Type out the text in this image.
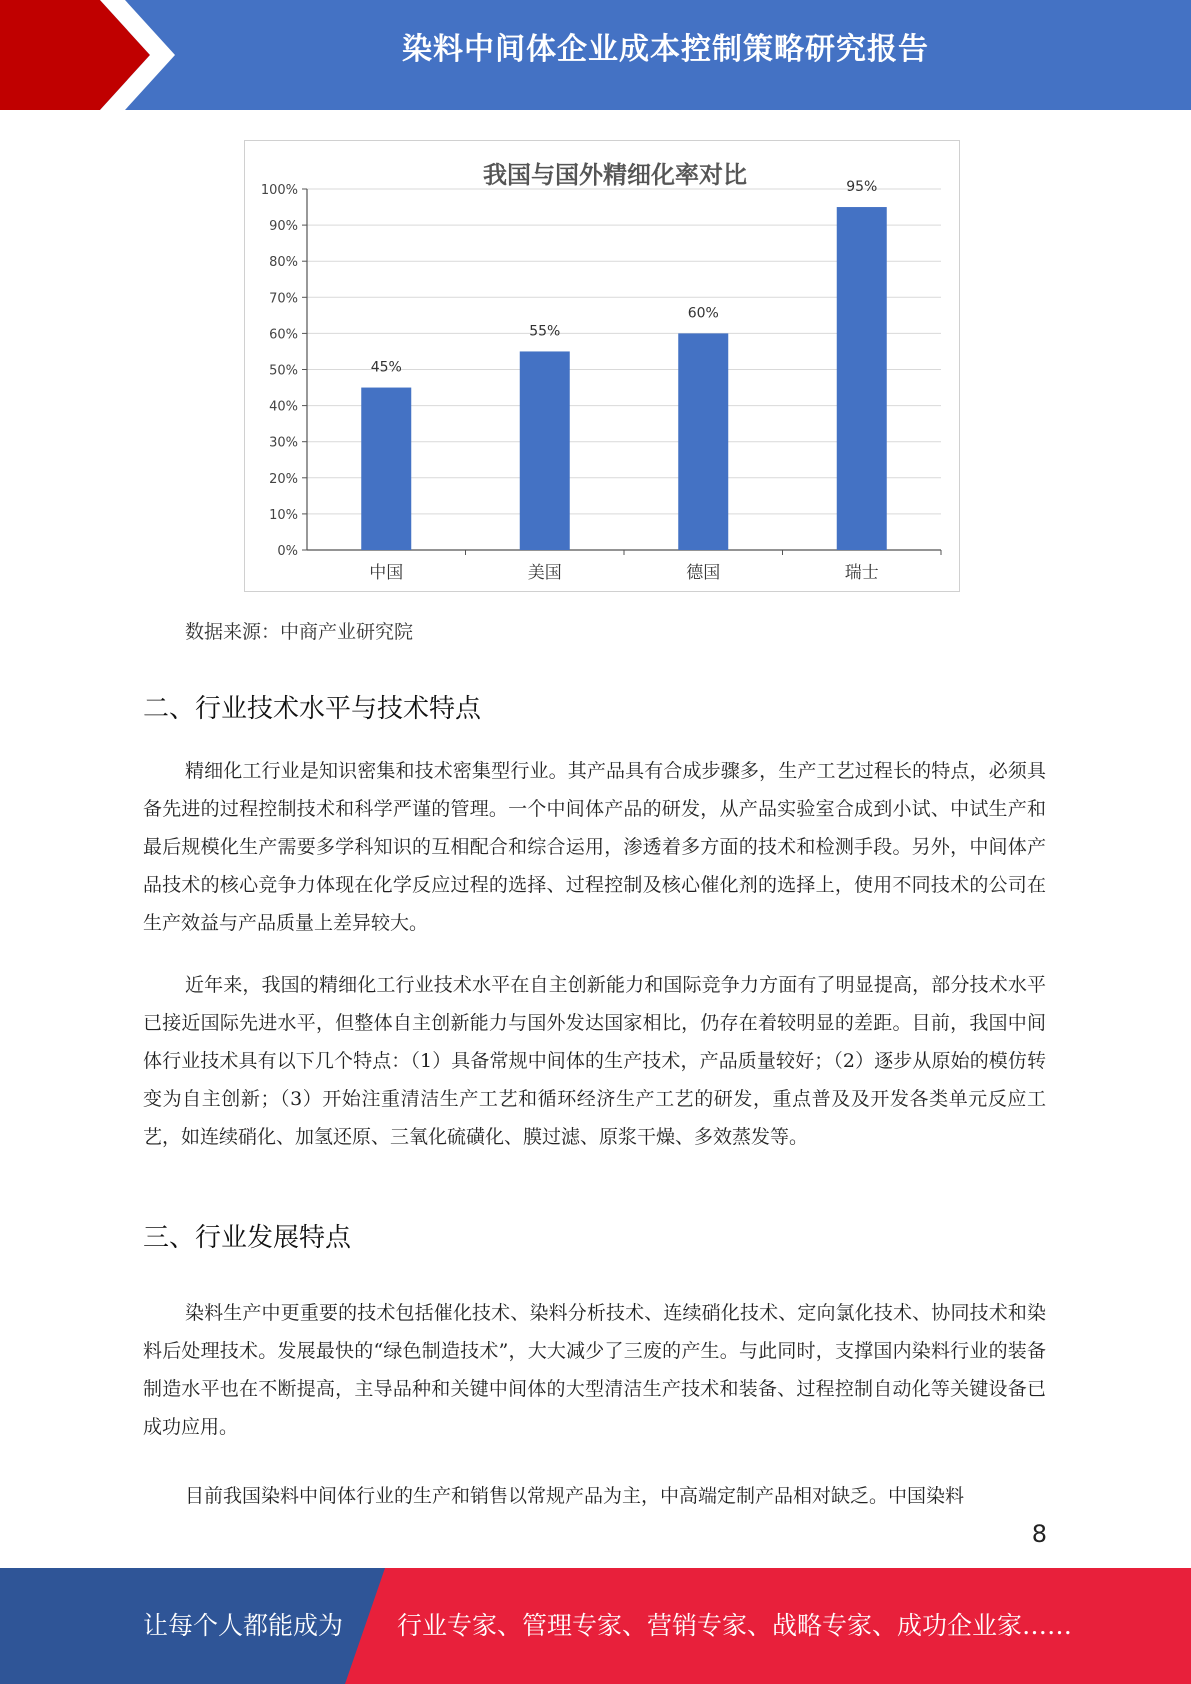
染料中间体企业成本控制策略研究报告
我国与国外精细化率对比
0%
10%
20%
30%
40%
50%
60%
70%
80%
90%
100%
45%
中国
55%
美国
60%
德国
95%
瑞士
数据来源：中商产业研究院
二、行业技术水平与技术特点

精细化工行业是知识密集和技术密集型行业。其产品具有合成步骤多，生产工艺过程长的特点，必须具备先进的过程控制技术和科学严谨的管理。一个中间体产品的研发，从产品实验室合成到小试、中试生产和最后规模化生产需要多学科知识的互相配合和综合运用，渗透着多方面的技术和检测手段。另外，中间体产品技术的核心竞争力体现在化学反应过程的选择、过程控制及核心催化剂的选择上，使用不同技术的公司在生产效益与产品质量上差异较大。

近年来，我国的精细化工行业技术水平在自主创新能力和国际竞争力方面有了明显提高，部分技术水平已接近国际先进水平，但整体自主创新能力与国外发达国家相比，仍存在着较明显的差距。目前，我国中间体行业技术具有以下几个特点：（1）具备常规中间体的生产技术，产品质量较好；（2）逐步从原始的模仿转变为自主创新；（3）开始注重清洁生产工艺和循环经济生产工艺的研发，重点普及及开发各类单元反应工艺，如连续硝化、加氢还原、三氧化硫磺化、膜过滤、原浆干燥、多效蒸发等。

三、行业发展特点

染料生产中更重要的技术包括催化技术、染料分析技术、连续硝化技术、定向氯化技术、协同技术和染料后处理技术。发展最快的“绿色制造技术”，大大减少了三废的产生。与此同时，支撑国内染料行业的装备制造水平也在不断提高，主导品种和关键中间体的大型清洁生产技术和装备、过程控制自动化等关键设备已成功应用。

目前我国染料中间体行业的生产和销售以常规产品为主，中高端定制产品相对缺乏。中国染料

8
让每个人都能成为 行业专家、管理专家、营销专家、战略专家、成功企业家……
